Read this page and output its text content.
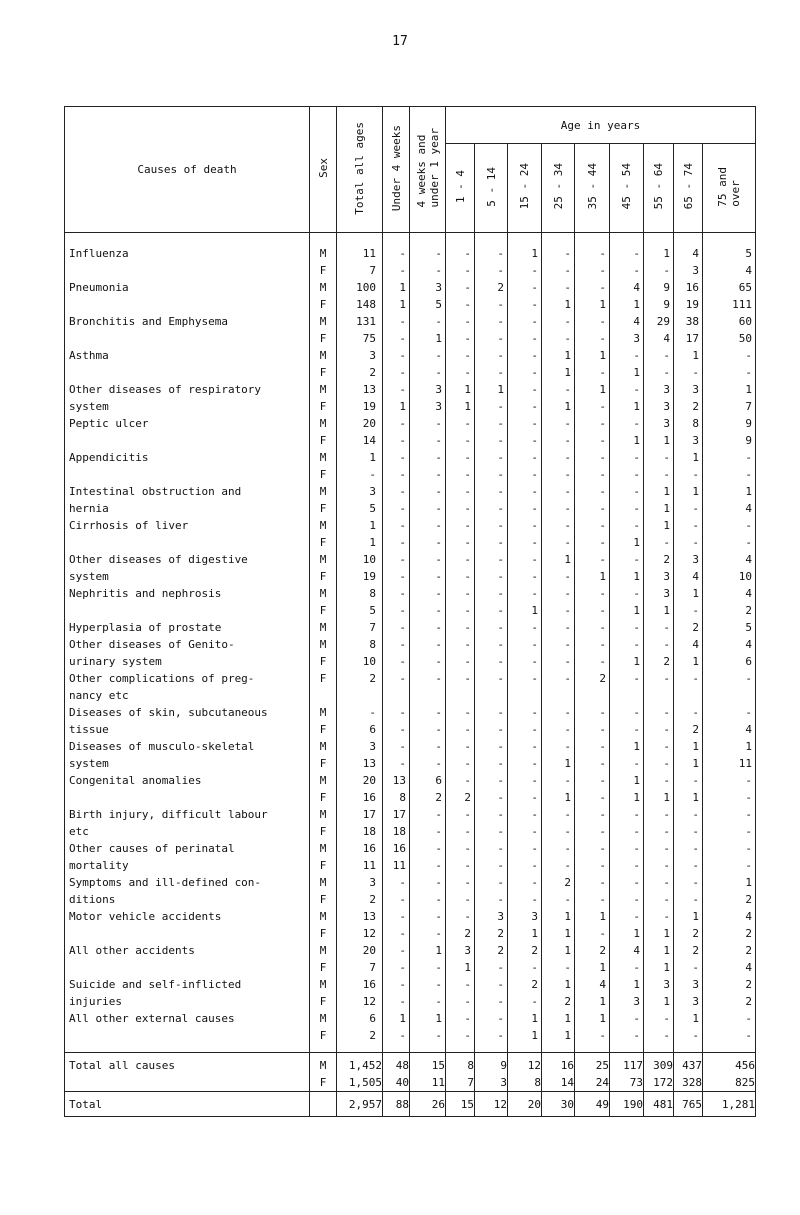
17
Causes of death	Sex	Total all ages	Under 4 weeks	4 weeks and
under 1 year	Age in years								
					1 - 4	5 - 14	15 - 24	25 - 34	35 - 44	45 - 54	55 - 64	65 - 74	75 and
over

Influenza	M	11	-	-	-	-	1	-	-	-	1	4	5
	F	7	-	-	-	-	-	-	-	-	-	3	4
Pneumonia	M	100	1	3	-	2	-	-	-	4	9	16	65
	F	148	1	5	-	-	-	1	1	1	9	19	111
Bronchitis and Emphysema	M	131	-	-	-	-	-	-	-	4	29	38	60
	F	75	-	1	-	-	-	-	-	3	4	17	50
Asthma	M	3	-	-	-	-	-	1	1	-	-	1	-
	F	2	-	-	-	-	-	1	-	1	-	-	-
Other diseases of respiratory	M	13	-	3	1	1	-	-	1	-	3	3	1
system	F	19	1	3	1	-	-	1	-	1	3	2	7
Peptic ulcer	M	20	-	-	-	-	-	-	-	-	3	8	9
	F	14	-	-	-	-	-	-	-	1	1	3	9
Appendicitis	M	1	-	-	-	-	-	-	-	-	-	1	-
	F	-	-	-	-	-	-	-	-	-	-	-	-
Intestinal obstruction and	M	3	-	-	-	-	-	-	-	-	1	1	1
hernia	F	5	-	-	-	-	-	-	-	-	1	-	4
Cirrhosis of liver	M	1	-	-	-	-	-	-	-	-	1	-	-
	F	1	-	-	-	-	-	-	-	1	-	-	-
Other diseases of digestive	M	10	-	-	-	-	-	1	-	-	2	3	4
system	F	19	-	-	-	-	-	-	1	1	3	4	10
Nephritis and nephrosis	M	8	-	-	-	-	-	-	-	-	3	1	4
	F	5	-	-	-	-	1	-	-	1	1	-	2
Hyperplasia of prostate	M	7	-	-	-	-	-	-	-	-	-	2	5
Other diseases of Genito-	M	8	-	-	-	-	-	-	-	-	-	4	4
urinary system	F	10	-	-	-	-	-	-	-	1	2	1	6
Other complications of preg-	F	2	-	-	-	-	-	-	2	-	-	-	-
nancy etc													
Diseases of skin, subcutaneous	M	-	-	-	-	-	-	-	-	-	-	-	-
tissue	F	6	-	-	-	-	-	-	-	-	-	2	4
Diseases of musculo-skeletal	M	3	-	-	-	-	-	-	-	1	-	1	1
system	F	13	-	-	-	-	-	1	-	-	-	1	11
Congenital anomalies	M	20	13	6	-	-	-	-	-	1	-	-	-
	F	16	8	2	2	-	-	1	-	1	1	1	-
Birth injury, difficult labour	M	17	17	-	-	-	-	-	-	-	-	-	-
etc	F	18	18	-	-	-	-	-	-	-	-	-	-
Other causes of perinatal	M	16	16	-	-	-	-	-	-	-	-	-	-
mortality	F	11	11	-	-	-	-	-	-	-	-	-	-
Symptoms and ill-defined con-	M	3	-	-	-	-	-	2	-	-	-	-	1
ditions	F	2	-	-	-	-	-	-	-	-	-	-	2
Motor vehicle accidents	M	13	-	-	-	3	3	1	1	-	-	1	4
	F	12	-	-	2	2	1	1	-	1	1	2	2
All other accidents	M	20	-	1	3	2	2	1	2	4	1	2	2
	F	7	-	-	1	-	-	-	1	-	1	-	4
Suicide and self-inflicted	M	16	-	-	-	-	2	1	4	1	3	3	2
injuries	F	12	-	-	-	-	-	2	1	3	1	3	2
All other external causes	M	6	1	1	-	-	1	1	1	-	-	1	-
	F	2	-	-	-	-	1	1	-	-	-	-	-

Total all causes	M	1,452	48	15	8	9	12	16	25	117	309	437	456
	F	1,505	40	11	7	3	8	14	24	73	172	328	825
Total		2,957	88	26	15	12	20	30	49	190	481	765	1,281
